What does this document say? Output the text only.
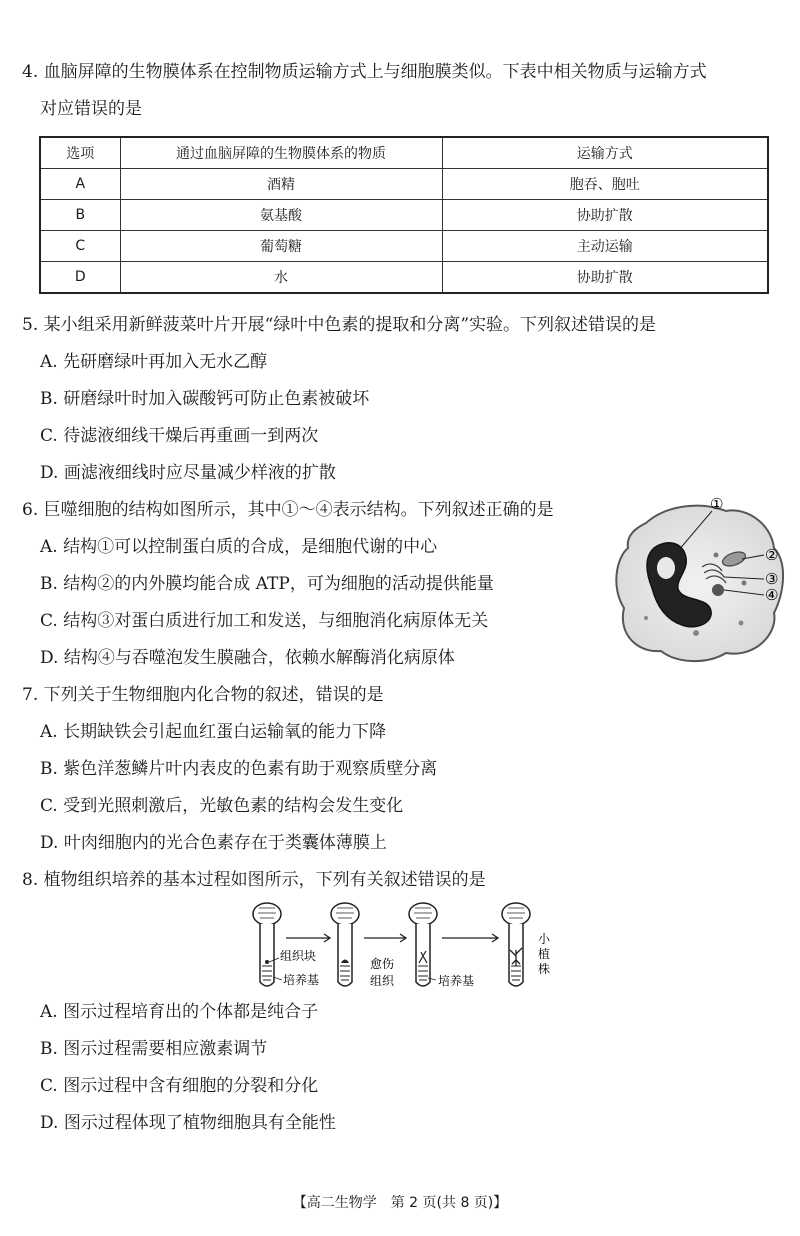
4. 血脑屏障的生物膜体系在控制物质运输方式上与细胞膜类似。下表中相关物质与运输方式
对应错误的是
选项	通过血脑屏障的生物膜体系的物质	运输方式
A	酒精	胞吞、胞吐
B	氨基酸	协助扩散
C	葡萄糖	主动运输
D	水	协助扩散
5. 某小组采用新鲜菠菜叶片开展“绿叶中色素的提取和分离”实验。下列叙述错误的是
A. 先研磨绿叶再加入无水乙醇
B. 研磨绿叶时加入碳酸钙可防止色素被破坏
C. 待滤液细线干燥后再重画一到两次
D. 画滤液细线时应尽量减少样液的扩散
6. 巨噬细胞的结构如图所示，其中①～④表示结构。下列叙述正确的是
A. 结构①可以控制蛋白质的合成，是细胞代谢的中心
B. 结构②的内外膜均能合成 ATP，可为细胞的活动提供能量
C. 结构③对蛋白质进行加工和发送，与细胞消化病原体无关
D. 结构④与吞噬泡发生膜融合，依赖水解酶消化病原体
①
②
③
④
7. 下列关于生物细胞内化合物的叙述，错误的是
A. 长期缺铁会引起血红蛋白运输氧的能力下降
B. 紫色洋葱鳞片叶内表皮的色素有助于观察质壁分离
C. 受到光照刺激后，光敏色素的结构会发生变化
D. 叶肉细胞内的光合色素存在于类囊体薄膜上
8. 植物组织培养的基本过程如图所示，下列有关叙述错误的是
组织块
培养基
愈伤
组织	培养基
小
植
株
A. 图示过程培育出的个体都是纯合子
B. 图示过程需要相应激素调节
C. 图示过程中含有细胞的分裂和分化
D. 图示过程体现了植物细胞具有全能性
【高二生物学　第 2 页(共 8 页)】
